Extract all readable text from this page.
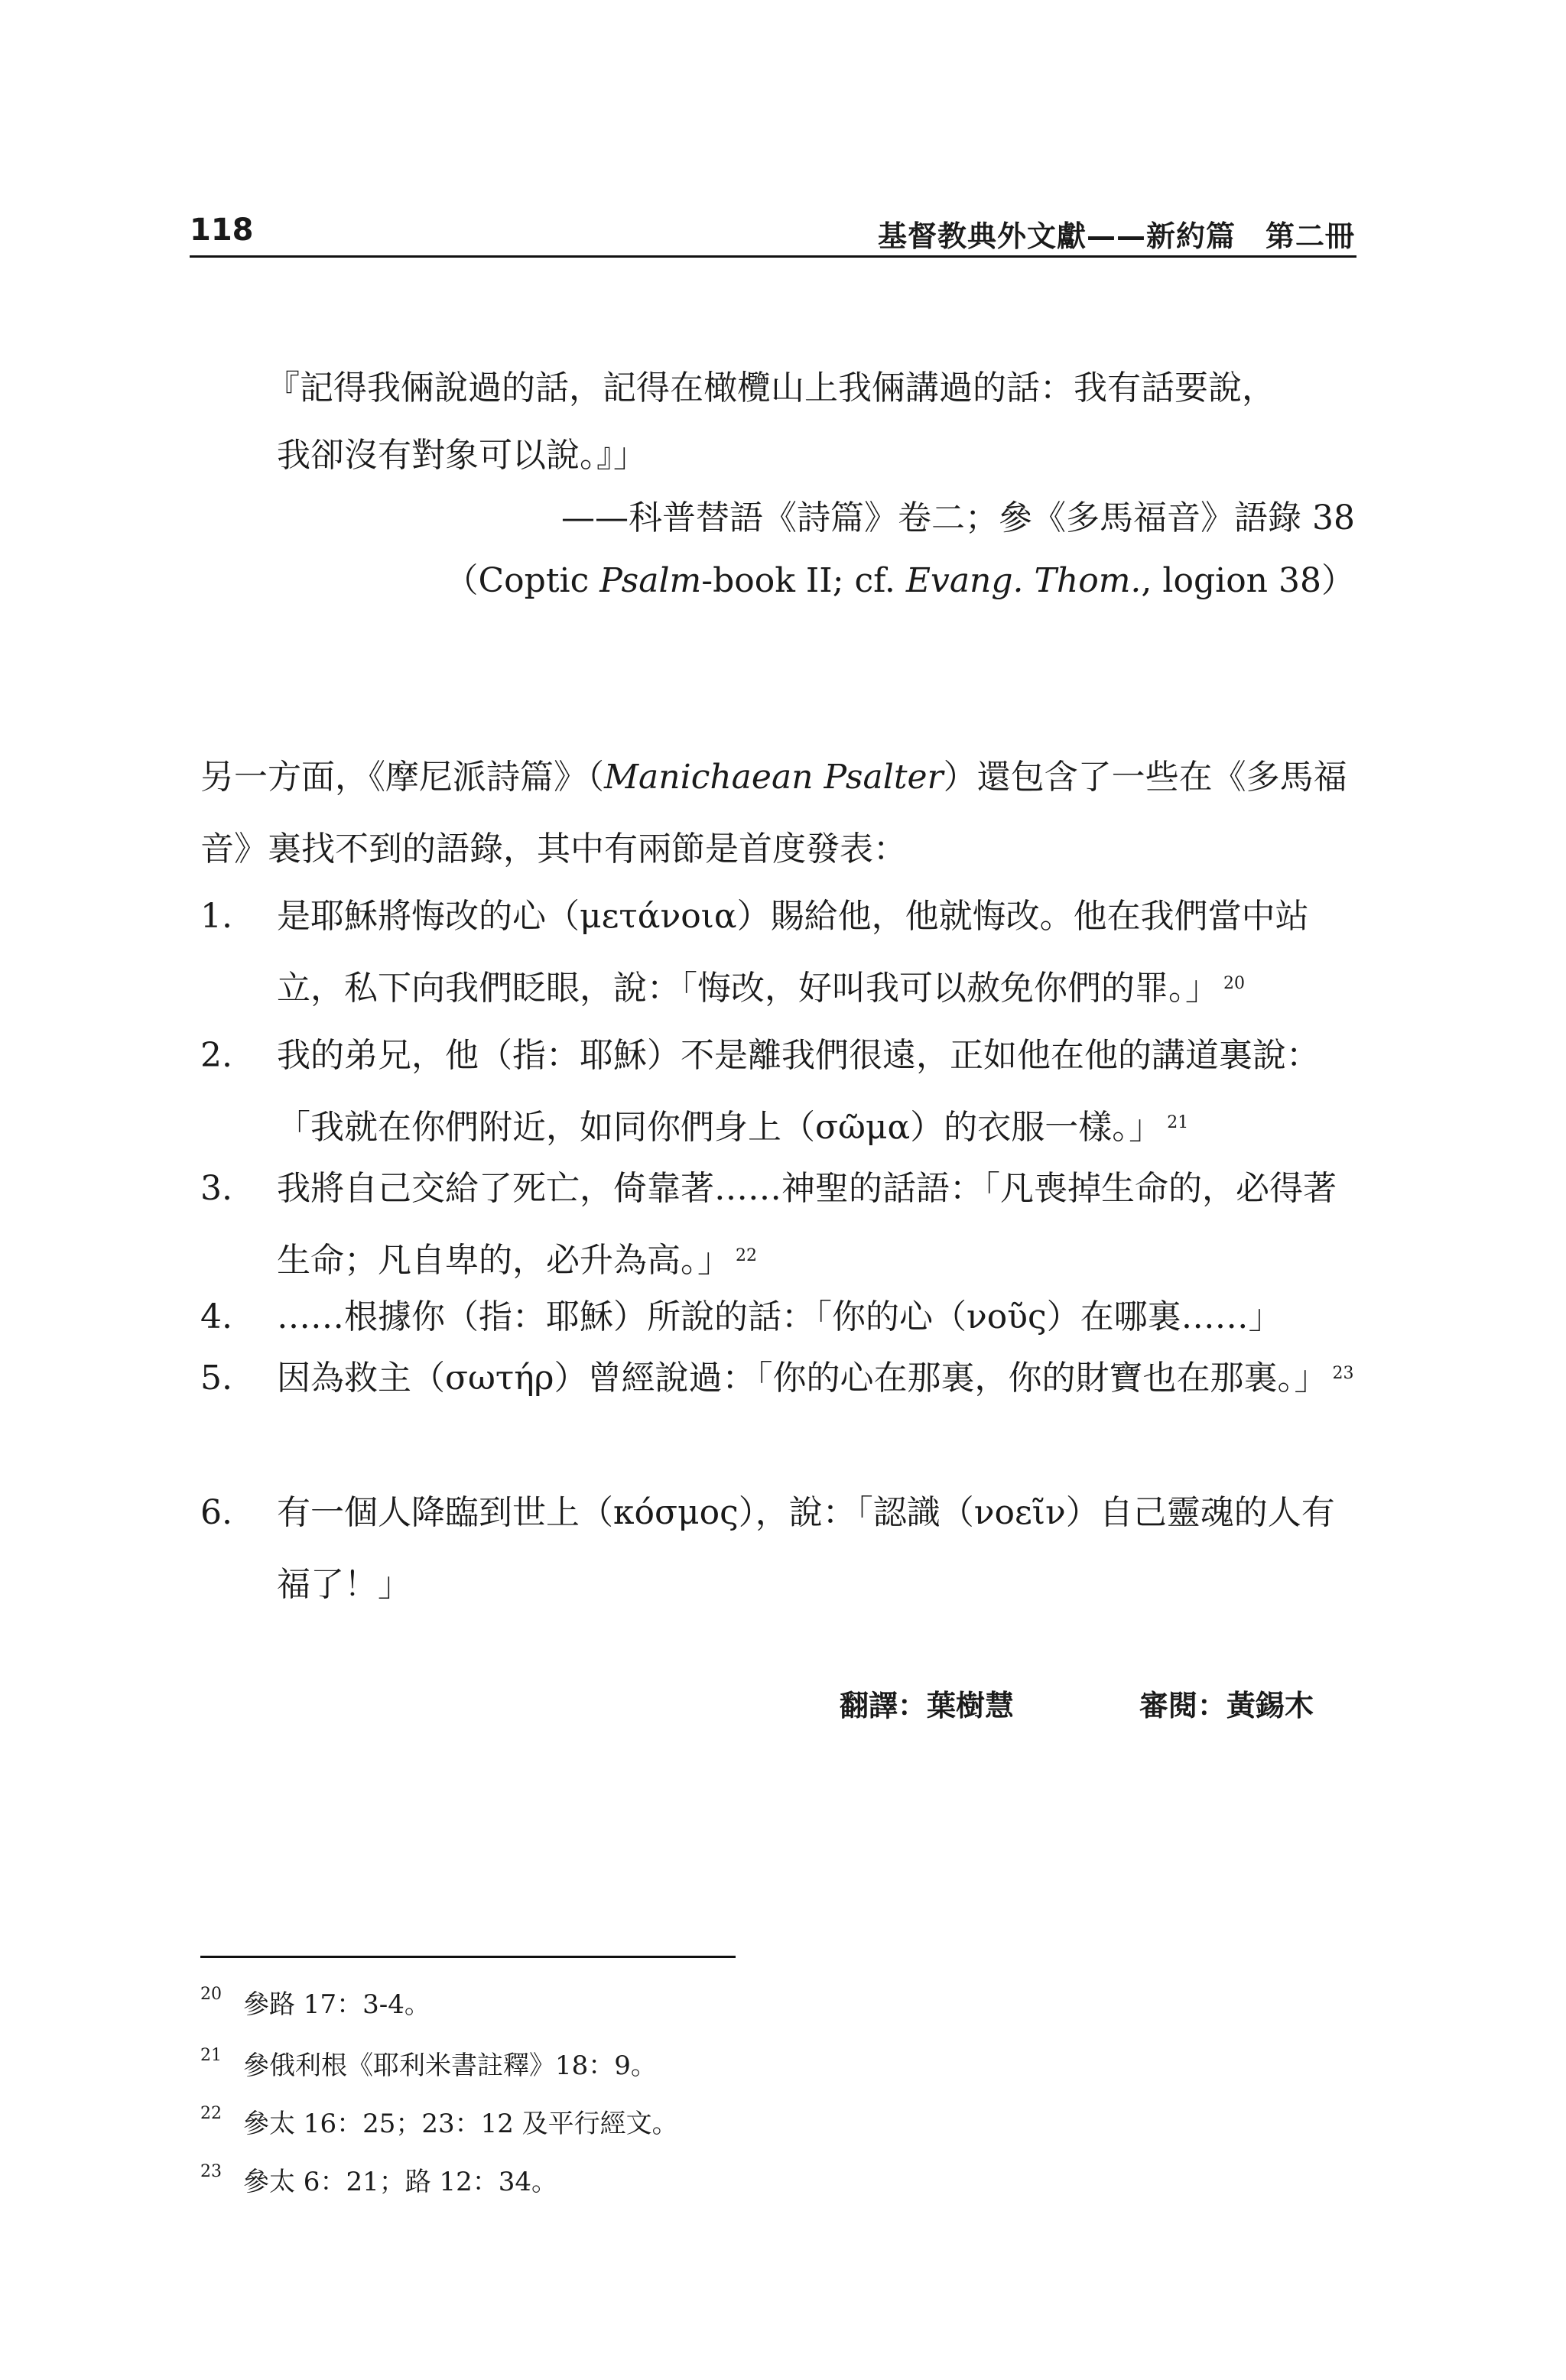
118	基督教典外文獻——新約篇　第二冊
『記得我倆說過的話，記得在橄欖山上我倆講過的話：我有話要說，
我卻沒有對象可以說。』」
——科普替語《詩篇》卷二；參《多馬福音》語錄 38
（Coptic Psalm-book II; cf. Evang. Thom., logion 38）
另一方面，《摩尼派詩篇》（Manichaean Psalter）還包含了一些在《多馬福音》裏找不到的語錄，其中有兩節是首度發表：
1. 是耶穌將悔改的心（μετάνοια）賜給他，他就悔改。他在我們當中站立，私下向我們眨眼，說：「悔改，好叫我可以赦免你們的罪。」 $^{20}$
2. 我的弟兄，他（指：耶穌）不是離我們很遠，正如他在他的講道裏說：「我就在你們附近，如同你們身上（σῶμα）的衣服一樣。」 $^{21}$
3. 我將自己交給了死亡，倚靠著……神聖的話語：「凡喪掉生命的，必得著生命；凡自卑的，必升為高。」 $^{22}$
4. ……根據你（指：耶穌）所說的話：「你的心（νοῦς）在哪裏……」
5. 因為救主（σωτήρ）曾經說過：「你的心在那裏，你的財寶也在那裏。」 $^{23}$
6. 有一個人降臨到世上（κόσμος），說：「認識（νοεῖν）自己靈魂的人有福了！」
翻譯：葉樹慧	審閱：黃錫木
20 參路 17：3-4。
21 參俄利根《耶利米書註釋》18：9。
22 參太 16：25；23：12 及平行經文。
23 參太 6：21；路 12：34。
